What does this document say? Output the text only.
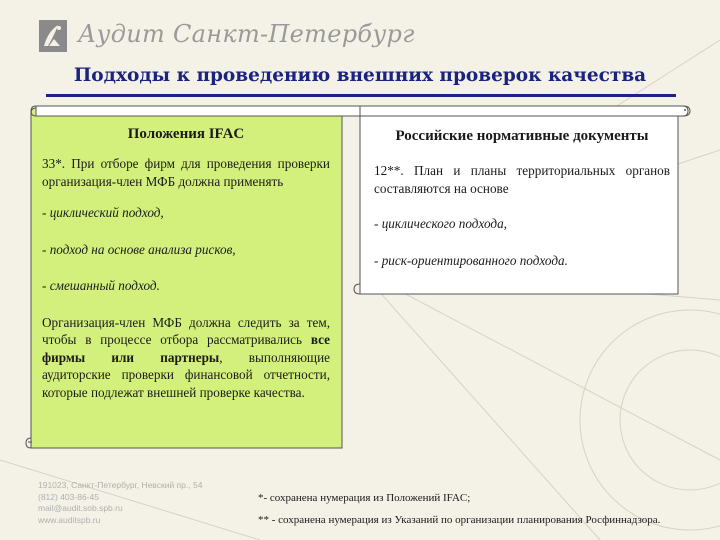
Аудит Санкт-Петербург
Подходы к проведению внешних проверок качества
Положения IFAC
33*. При отборе фирм для проведения проверки организация-член МФБ должна применять
- циклический подход,
- подход на основе анализа рисков,
- смешанный подход.
Организация-член МФБ должна следить за тем, чтобы в процессе отбора рассматривались все фирмы или партнеры, выполняющие аудиторские проверки финансовой отчетности, которые подлежат внешней проверке качества.
Российские нормативные документы
12**. План и планы территориальных органов составляются на основе
- циклического подхода,
- риск-ориентированного подхода.
191023, Санкт-Петербург, Невский пр., 54
(812) 403-86-45
mail@audit.sob.spb.ru
www.auditspb.ru
*- сохранена нумерация из Положений IFAC;
** - сохранена нумерация из Указаний по организации планирования Росфиннадзора.
